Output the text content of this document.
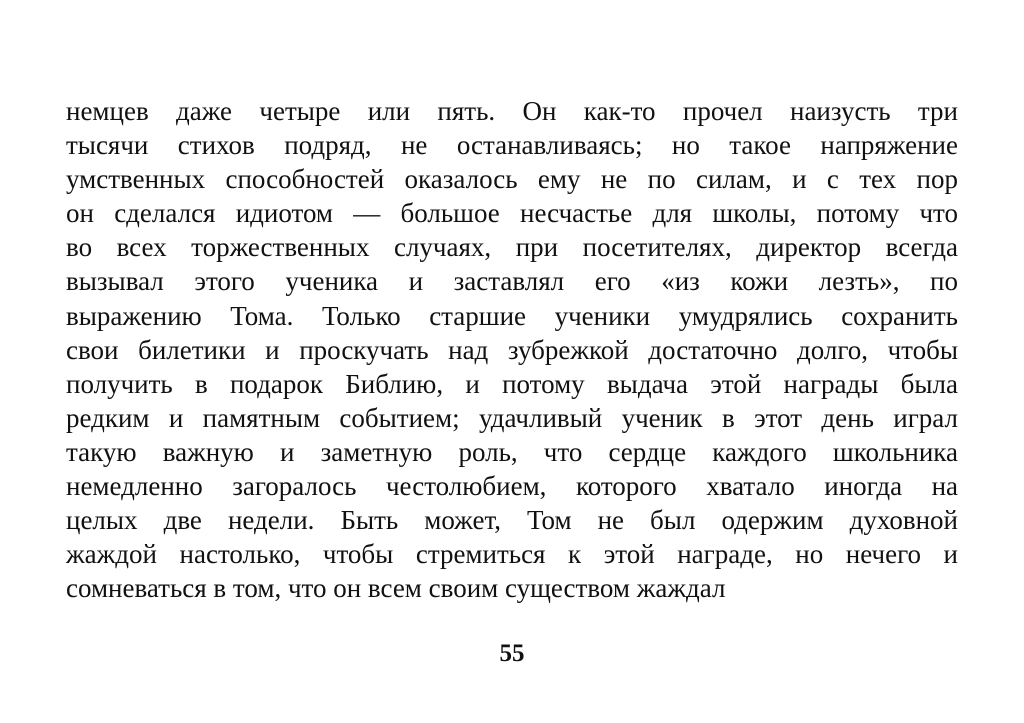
немцев даже четыре или пять. Он как-то прочел наизусть три
тысячи стихов подряд, не останавливаясь; но такое напряжение
умственных способностей оказалось ему не по силам, и с тех пор
он сделался идиотом — большое несчастье для школы, потому что
во всех торжественных случаях, при посетителях, директор всегда
вызывал этого ученика и заставлял его «из кожи лезть», по
выражению Тома. Только старшие ученики умудрялись сохранить
свои билетики и проскучать над зубрежкой достаточно долго, чтобы
получить в подарок Библию, и потому выдача этой награды была
редким и памятным событием; удачливый ученик в этот день играл
такую важную и заметную роль, что сердце каждого школьника
немедленно загоралось честолюбием, которого хватало иногда на
целых две недели. Быть может, Том не был одержим духовной
жаждой настолько, чтобы стремиться к этой награде, но нечего и
сомневаться в том, что он всем своим существом жаждал
55
